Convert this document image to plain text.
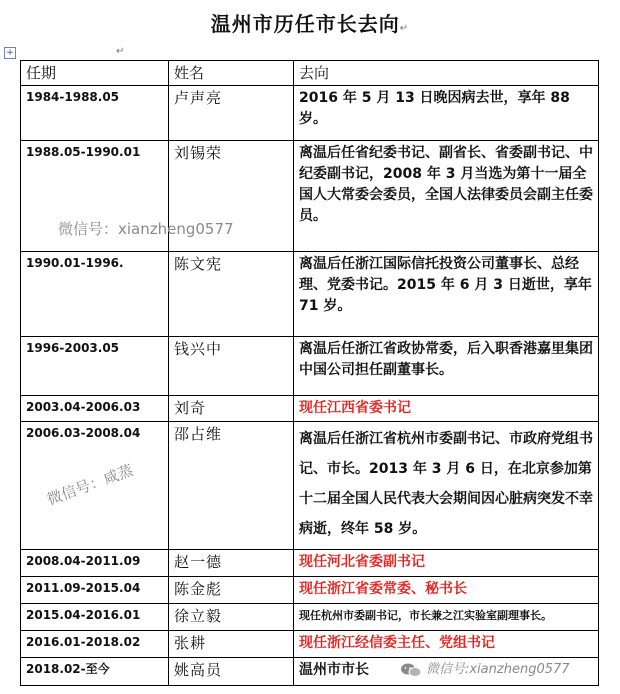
温州市历任市长去向↵
+	↵
任期	姓名	去向
1984-1988.05	卢声亮	2016 年 5 月 13 日晚因病去世，享年 88 岁。
1988.05-1990.01	刘锡荣	离温后任省纪委书记、副省长、省委副书记、中纪委副书记，2008 年 3 月当选为第十一届全国人大常委会委员，全国人法律委员会副主任委员。
1990.01-1996.	陈文宪	离温后任浙江国际信托投资公司董事长、总经理、党委书记。2015 年 6 月 3 日逝世，享年 71 岁。
1996-2003.05	钱兴中	离温后任浙江省政协常委，后入职香港嘉里集团中国公司担任副董事长。
2003.04-2006.03	刘奇	现任江西省委书记
2006.03-2008.04	邵占维	离温后任浙江省杭州市委副书记、市政府党组书记、市长。2013 年 3 月 6 日，在北京参加第十二届全国人民代表大会期间因心脏病突发不幸病逝，终年 58 岁。
2008.04-2011.09	赵一德	现任河北省委副书记
2011.09-2015.04	陈金彪	现任浙江省委常委、秘书长
2015.04-2016.01	徐立毅	现任杭州市委副书记，市长兼之江实验室副理事长。
2016.01-2018.02	张耕	现任浙江经信委主任、党组书记
2018.02-至今	姚高员	温州市市长
微信号：xianzheng0577
微信号：咸蒸
微信号:xianzheng0577
